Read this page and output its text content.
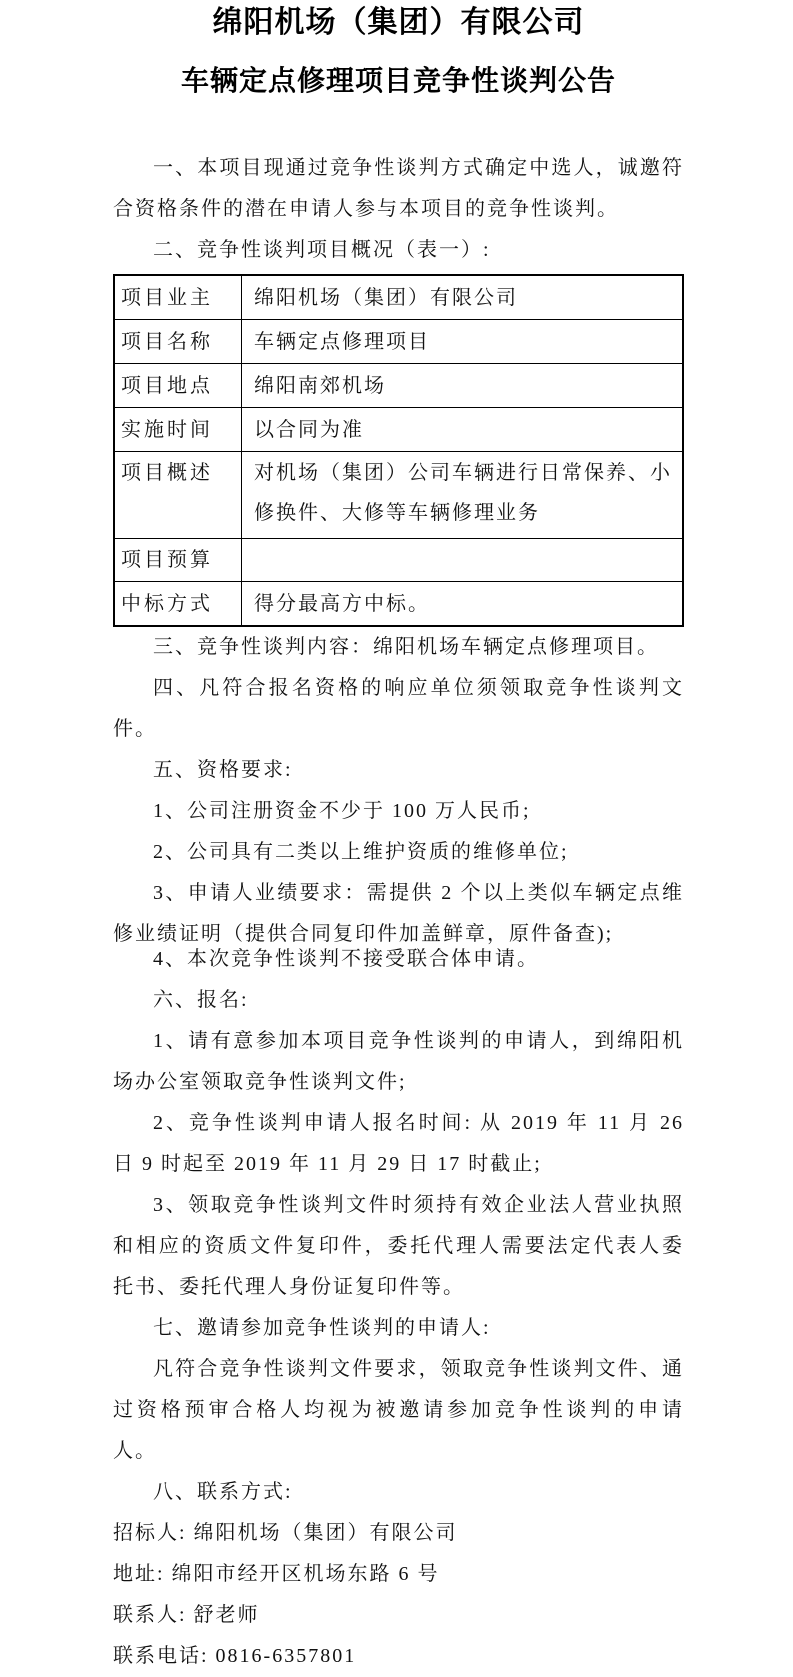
绵阳机场（集团）有限公司
车辆定点修理项目竞争性谈判公告

一、本项目现通过竞争性谈判方式确定中选人，诚邀符合资格条件的潜在申请人参与本项目的竞争性谈判。

二、竞争性谈判项目概况（表一）:

项目业主	绵阳机场（集团）有限公司
项目名称	车辆定点修理项目
项目地点	绵阳南郊机场
实施时间	以合同为准
项目概述	对机场（集团）公司车辆进行日常保养、小修换件、大修等车辆修理业务
项目预算	
中标方式	得分最高方中标。

三、竞争性谈判内容：绵阳机场车辆定点修理项目。

四、凡符合报名资格的响应单位须领取竞争性谈判文件。

五、资格要求:

1、公司注册资金不少于 100 万人民币;

2、公司具有二类以上维护资质的维修单位;

3、申请人业绩要求：需提供 2 个以上类似车辆定点维修业绩证明（提供合同复印件加盖鲜章，原件备查);

4、本次竞争性谈判不接受联合体申请。

六、报名:

1、请有意参加本项目竞争性谈判的申请人，到绵阳机场办公室领取竞争性谈判文件;

2、竞争性谈判申请人报名时间: 从 2019 年 11 月 26 日 9 时起至 2019 年 11 月 29 日 17 时截止;

3、领取竞争性谈判文件时须持有效企业法人营业执照和相应的资质文件复印件，委托代理人需要法定代表人委托书、委托代理人身份证复印件等。

七、邀请参加竞争性谈判的申请人:

凡符合竞争性谈判文件要求，领取竞争性谈判文件、通过资格预审合格人均视为被邀请参加竞争性谈判的申请人。

八、联系方式:

招标人: 绵阳机场（集团）有限公司

地址: 绵阳市经开区机场东路 6 号

联系人: 舒老师

联系电话: 0816-6357801
